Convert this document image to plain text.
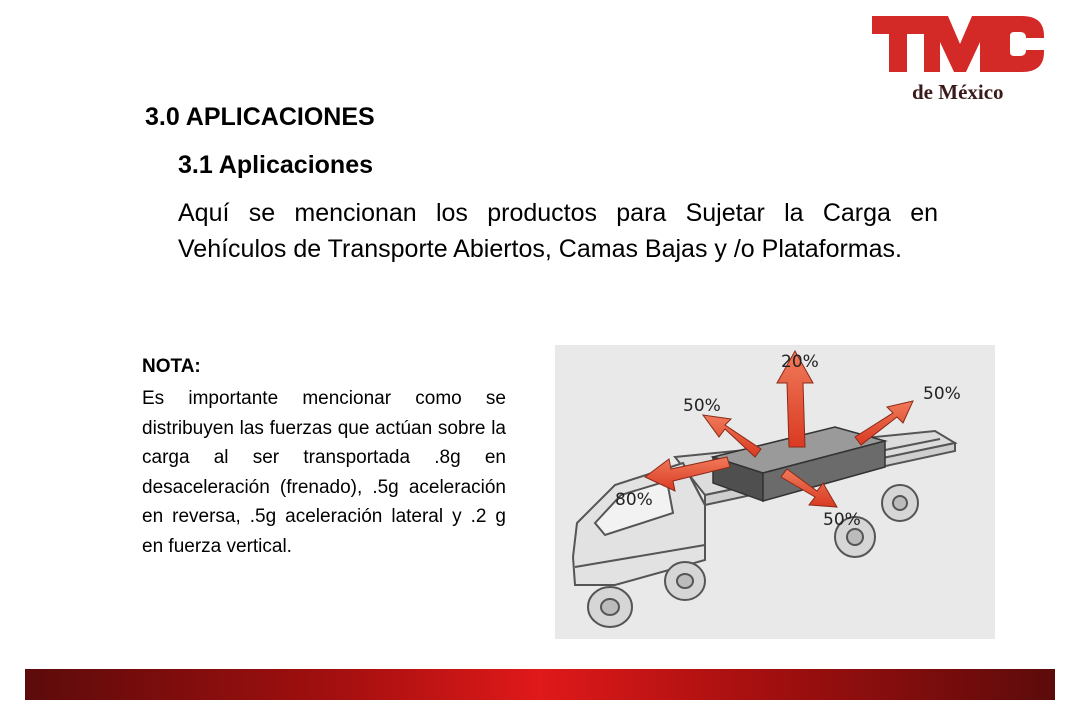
de México
3.0 APLICACIONES
3.1 Aplicaciones

Aquí se mencionan los productos para Sujetar la Carga en Vehículos de Transporte Abiertos, Camas Bajas y /o Plataformas.

NOTA:

Es importante mencionar como se distribuyen las fuerzas que actúan sobre la carga al ser transportada .8g en desaceleración (frenado), .5g aceleración en reversa, .5g aceleración lateral y .2 g en fuerza vertical.

20%
50%
50%
80%
50%
